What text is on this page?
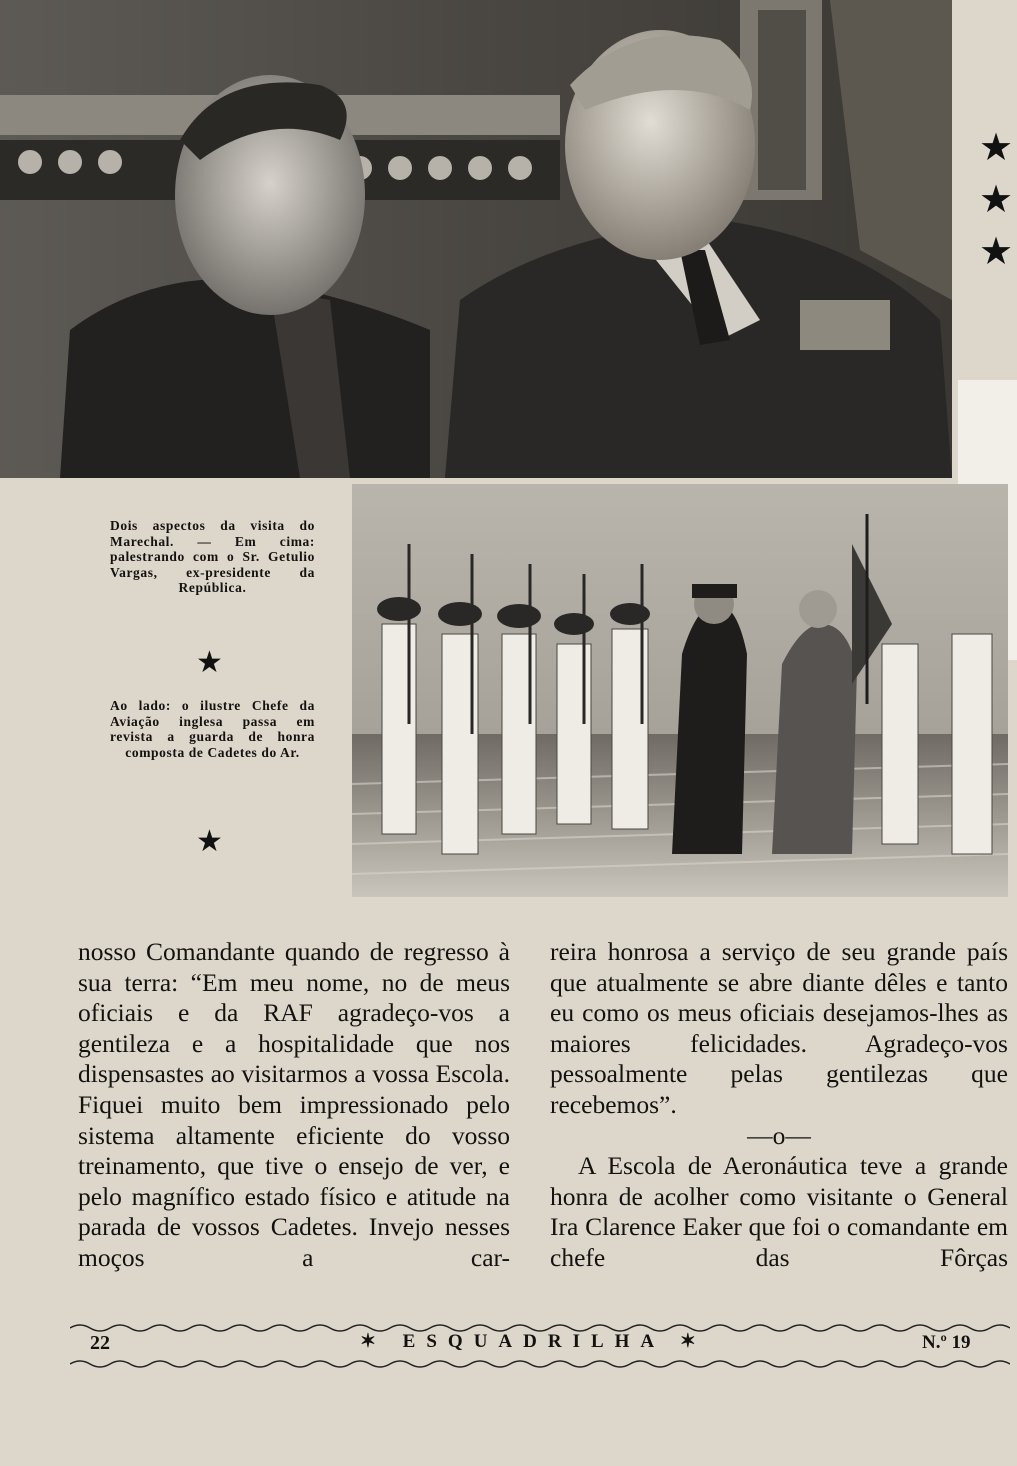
★
★
★
Dois aspectos da visita do Marechal. — Em cima: palestrando com o Sr. Getulio Vargas, ex-presidente da República.
★
Ao lado: o ilustre Chefe da Aviação inglesa passa em revista a guarda de honra composta de Cadetes do Ar.
★

nosso Comandante quando de regresso à sua terra: “Em meu nome, no de meus oficiais e da RAF agradeço-vos a gentileza e a hospitalidade que nos dispensastes ao visitarmos a vossa Escola. Fiquei muito bem impressionado pelo sistema altamente eficiente do vosso treinamento, que tive o ensejo de ver, e pelo magnífico estado físico e atitude na parada de vossos Cadetes. Invejo nesses moços a car-

reira honrosa a serviço de seu grande país que atualmente se abre diante dêles e tanto eu como os meus oficiais desejamos-lhes as maiores felicidades. Agradeço-vos pessoalmente pelas gentilezas que recebemos”.

—o—

A Escola de Aeronáutica teve a grande honra de acolher como visitante o General Ira Clarence Eaker que foi o comandante em chefe das Fôrças

22	✶ ESQUADRILHA ✶	N.º 19
